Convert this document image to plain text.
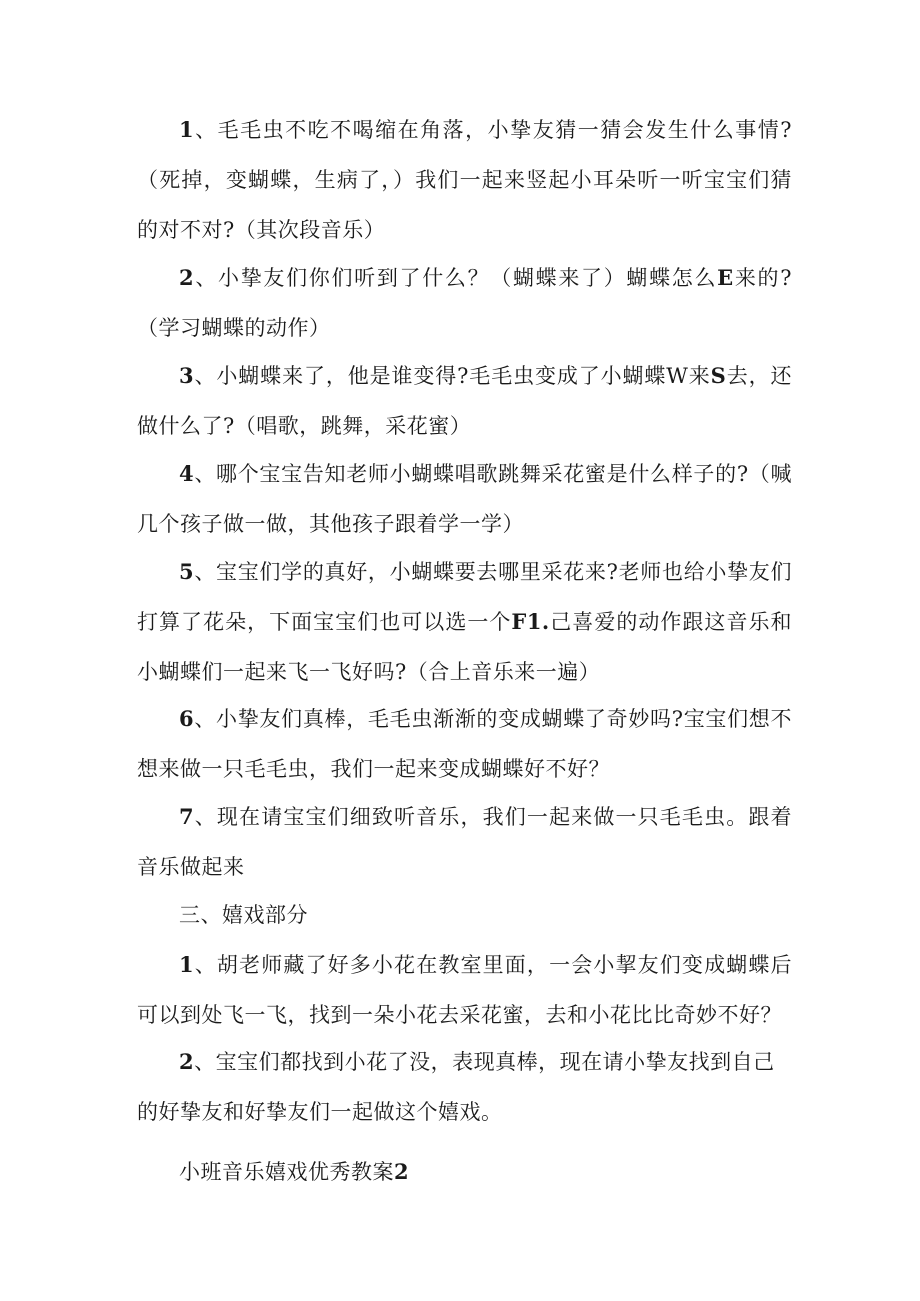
1、毛毛虫不吃不喝缩在角落，小挚友猜一猜会发生什么事情?（死掉，变蝴蝶，生病了，）我们一起来竖起小耳朵听一听宝宝们猜的对不对?（其次段音乐）

2、小挚友们你们听到了什么？（蝴蝶来了）蝴蝶怎么E来的?（学习蝴蝶的动作）

3、小蝴蝶来了，他是谁变得?毛毛虫变成了小蝴蝶W来S去，还做什么了?（唱歌，跳舞，采花蜜）

4、哪个宝宝告知老师小蝴蝶唱歌跳舞采花蜜是什么样子的?（喊几个孩子做一做，其他孩子跟着学一学）

5、宝宝们学的真好，小蝴蝶要去哪里采花来?老师也给小挚友们打算了花朵，下面宝宝们也可以选一个F1.己喜爱的动作跟这音乐和小蝴蝶们一起来飞一飞好吗?（合上音乐来一遍）

6、小挚友们真棒，毛毛虫渐渐的变成蝴蝶了奇妙吗?宝宝们想不想来做一只毛毛虫，我们一起来变成蝴蝶好不好？

7、现在请宝宝们细致听音乐，我们一起来做一只毛毛虫。跟着音乐做起来

三、嬉戏部分

1、胡老师藏了好多小花在教室里面，一会小挈友们变成蝴蝶后可以到处飞一飞，找到一朵小花去采花蜜，去和小花比比奇妙不好？

2、宝宝们都找到小花了没，表现真棒，现在请小挚友找到自己

的好挚友和好挚友们一起做这个嬉戏。

小班音乐嬉戏优秀教案2
